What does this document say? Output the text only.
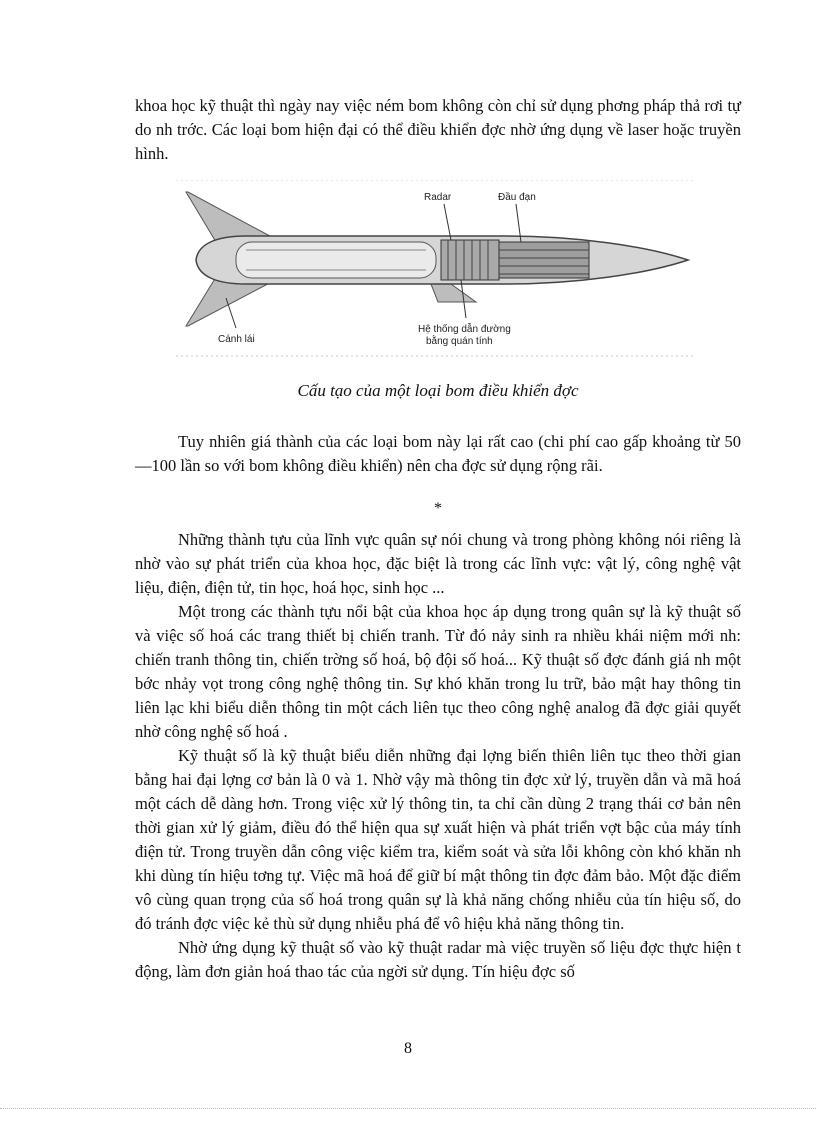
khoa học kỹ thuật thì ngày nay việc ném bom không còn chỉ sử dụng phơng pháp thả rơi tự do nh trớc. Các loại bom hiện đại có thể điều khiển đợc nhờ ứng dụng về laser hoặc truyền hình.

Radar	Đầu đạn
Cánh lái
Hệ thống dẫn đường
bằng quán tính
Cấu tạo của một loại bom điều khiển đợc

Tuy nhiên giá thành của các loại bom này lại rất cao (chi phí cao gấp khoảng từ 50 —100 lần so với bom không điều khiển) nên cha đợc sử dụng rộng rãi.

*

Những thành tựu của lĩnh vực quân sự nói chung và trong phòng không nói riêng là nhờ vào sự phát triển của khoa học, đặc biệt là trong các lĩnh vực: vật lý, công nghệ vật liệu, điện, điện tử, tin học, hoá học, sinh học ...

Một trong các thành tựu nổi bật của khoa học áp dụng trong quân sự là kỹ thuật số và việc số hoá các trang thiết bị chiến tranh. Từ đó nảy sinh ra nhiều khái niệm mới nh: chiến tranh thông tin, chiến trờng số hoá, bộ đội số hoá... Kỹ thuật số đợc đánh giá nh một bớc nhảy vọt trong công nghệ thông tin. Sự khó khăn trong lu trữ, bảo mật hay thông tin liên lạc khi biểu diễn thông tin một cách liên tục theo công nghệ analog đã đợc giải quyết nhờ công nghệ số hoá .

Kỹ thuật số là kỹ thuật biểu diễn những đại lợng biến thiên liên tục theo thời gian bằng hai đại lợng cơ bản là 0 và 1. Nhờ vậy mà thông tin đợc xử lý, truyền dẫn và mã hoá một cách dễ dàng hơn. Trong việc xử lý thông tin, ta chỉ cần dùng 2 trạng thái cơ bản nên thời gian xử lý giảm, điều đó thể hiện qua sự xuất hiện và phát triển vợt bậc của máy tính điện tử. Trong truyền dẫn công việc kiểm tra, kiểm soát và sửa lỗi không còn khó khăn nh khi dùng tín hiệu tơng tự. Việc mã hoá để giữ bí mật thông tin đợc đảm bảo. Một đặc điểm vô cùng quan trọng của số hoá trong quân sự là khả năng chống nhiễu của tín hiệu số, do đó tránh đợc việc kẻ thù sử dụng nhiễu phá để vô hiệu khả năng thông tin.

Nhờ ứng dụng kỹ thuật số vào kỹ thuật radar mà việc truyền số liệu đợc thực hiện t động, làm đơn giản hoá thao tác của ngời sử dụng. Tín hiệu đợc số

8
